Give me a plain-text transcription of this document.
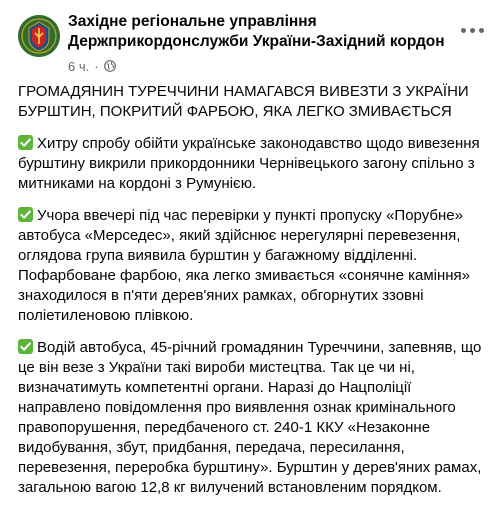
Західне регіональне управління Держприкордонслужби України-Західний кордон
6 ч. ·

ГРОМАДЯНИН ТУРЕЧЧИНИ НАМАГАВСЯ ВИВЕЗТИ З УКРАЇНИ БУРШТИН, ПОКРИТИЙ ФАРБОЮ, ЯКА ЛЕГКО ЗМИВАЄТЬСЯ

Хитру спробу обійти українське законодавство щодо вивезення бурштину викрили прикордонники Чернівецького загону спільно з митниками на кордоні з Румунією.

Учора ввечері під час перевірки у пункті пропуску «Порубне» автобуса «Мерседес», який здійснює нерегулярні перевезення, оглядова група виявила бурштин у багажному відділенні. Пофарбоване фарбою, яка легко змивається «сонячне каміння» знаходилося в п'яти дерев'яних рамках, обгорнутих ззовні поліетиленовою плівкою.

Водій автобуса, 45-річний громадянин Туреччини, запевняв, що це він везе з України такі вироби мистецтва. Так це чи ні, визначатимуть компетентні органи. Наразі до Нацполіції направлено повідомлення про виявлення ознак кримінального правопорушення, передбаченого ст. 240-1 ККУ «Незаконне видобування, збут, придбання, передача, пересилання, перевезення, переробка бурштину». Бурштин у дерев'яних рамах, загальною вагою 12,8 кг вилучений встановленим порядком.
